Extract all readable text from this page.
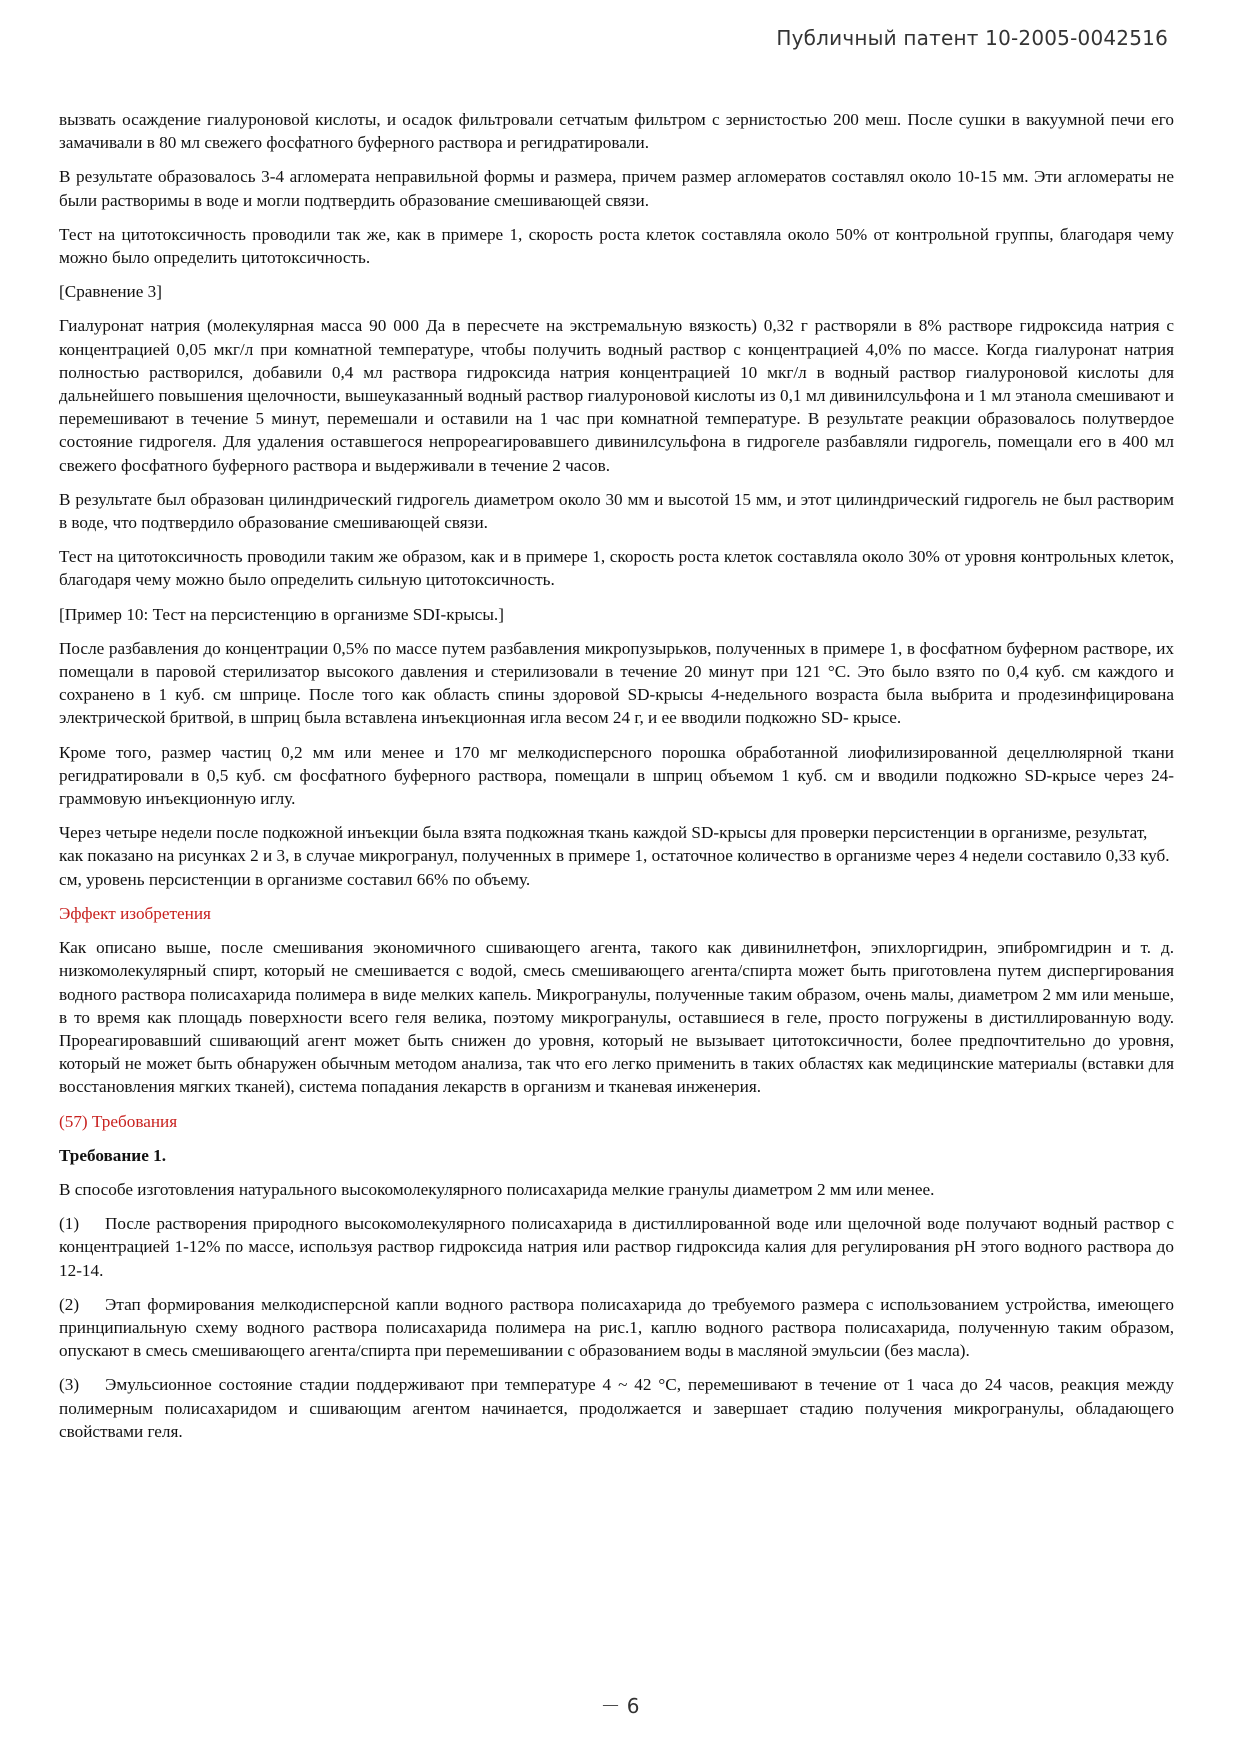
Публичный патент 10-2005-0042516

вызвать осаждение гиалуроновой кислоты, и осадок фильтровали сетчатым фильтром с зернистостью 200 меш. После сушки в вакуумной печи его замачивали в 80 мл свежего фосфатного буферного раствора и регидратировали.

В результате образовалось 3-4 агломерата неправильной формы и размера, причем размер агломератов составлял около 10-15 мм. Эти агломераты не были растворимы в воде и могли подтвердить образование смешивающей связи.

Тест на цитотоксичность проводили так же, как в примере 1, скорость роста клеток составляла около 50% от контрольной группы, благодаря чему можно было определить цитотоксичность.

[Сравнение 3]

Гиалуронат натрия (молекулярная масса 90 000 Да в пересчете на экстремальную вязкость) 0,32 г растворяли в 8% растворе гидроксида натрия с концентрацией 0,05 мкг/л при комнатной температуре, чтобы получить водный раствор с концентрацией 4,0% по массе. Когда гиалуронат натрия полностью растворился, добавили 0,4 мл раствора гидроксида натрия концентрацией 10 мкг/л в водный раствор гиалуроновой кислоты для дальнейшего повышения щелочности, вышеуказанный водный раствор гиалуроновой кислоты из 0,1 мл дивинилсульфона и 1 мл этанола смешивают и перемешивают в течение 5 минут, перемешали и оставили на 1 час при комнатной температуре. В результате реакции образовалось полутвердое состояние гидрогеля. Для удаления оставшегося непрореагировавшего дивинилсульфона в гидрогеле разбавляли гидрогель, помещали его в 400 мл свежего фосфатного буферного раствора и выдерживали в течение 2 часов.

В результате был образован цилиндрический гидрогель диаметром около 30 мм и высотой 15 мм, и этот цилиндрический гидрогель не был растворим в воде, что подтвердило образование смешивающей связи.

Тест на цитотоксичность проводили таким же образом, как и в примере 1, скорость роста клеток составляла около 30% от уровня контрольных клеток, благодаря чему можно было определить сильную цитотоксичность.

[Пример 10: Тест на персистенцию в организме SDI-крысы.]

После разбавления до концентрации 0,5% по массе путем разбавления микропузырьков, полученных в примере 1, в фосфатном буферном растворе, их помещали в паровой стерилизатор высокого давления и стерилизовали в течение 20 минут при 121 °C. Это было взято по 0,4 куб. см каждого и сохранено в 1 куб. см шприце. После того как область спины здоровой SD-крысы 4-недельного возраста была выбрита и продезинфицирована электрической бритвой, в шприц была вставлена инъекционная игла весом 24 г, и ее вводили подкожно SD- крысе.

Кроме того, размер частиц 0,2 мм или менее и 170 мг мелкодисперсного порошка обработанной лиофилизированной децеллюлярной ткани регидратировали в 0,5 куб. см фосфатного буферного раствора, помещали в шприц объемом 1 куб. см и вводили подкожно SD-крысе через 24-граммовую инъекционную иглу.

Через четыре недели после подкожной инъекции была взята подкожная ткань каждой SD-крысы для проверки персистенции в организме, результат, как показано на рисунках 2 и 3, в случае микрогранул, полученных в примере 1, остаточное количество в организме через 4 недели составило 0,33 куб. см, уровень персистенции в организме составил 66% по объему.

Эффект изобретения

Как описано выше, после смешивания экономичного сшивающего агента, такого как дивинилнетфон, эпихлоргидрин, эпибромгидрин и т. д. низкомолекулярный спирт, который не смешивается с водой, смесь смешивающего агента/спирта может быть приготовлена путем диспергирования водного раствора полисахарида полимера в виде мелких капель. Микрогранулы, полученные таким образом, очень малы, диаметром 2 мм или меньше, в то время как площадь поверхности всего геля велика, поэтому микрогранулы, оставшиеся в геле, просто погружены в дистиллированную воду. Прореагировавший сшивающий агент может быть снижен до уровня, который не вызывает цитотоксичности, более предпочтительно до уровня, который не может быть обнаружен обычным методом анализа, так что его легко применить в таких областях как медицинские материалы (вставки для восстановления мягких тканей), система попадания лекарств в организм и тканевая инженерия.

(57) Требования

Требование 1.

В способе изготовления натурального высокомолекулярного полисахарида мелкие гранулы диаметром 2 мм или менее.

(1) После растворения природного высокомолекулярного полисахарида в дистиллированной воде или щелочной воде получают водный раствор с концентрацией 1-12% по массе, используя раствор гидроксида натрия или раствор гидроксида калия для регулирования pH этого водного раствора до 12-14.

(2) Этап формирования мелкодисперсной капли водного раствора полисахарида до требуемого размера с использованием устройства, имеющего принципиальную схему водного раствора полисахарида полимера на рис.1, каплю водного раствора полисахарида, полученную таким образом, опускают в смесь смешивающего агента/спирта при перемешивании с образованием воды в масляной эмульсии (без масла).

(3) Эмульсионное состояние стадии поддерживают при температуре 4 ~ 42 °C, перемешивают в течение от 1 часа до 24 часов, реакция между полимерным полисахаридом и сшивающим агентом начинается, продолжается и завершает стадию получения микрогранулы, обладающего свойствами геля.

－ 6
